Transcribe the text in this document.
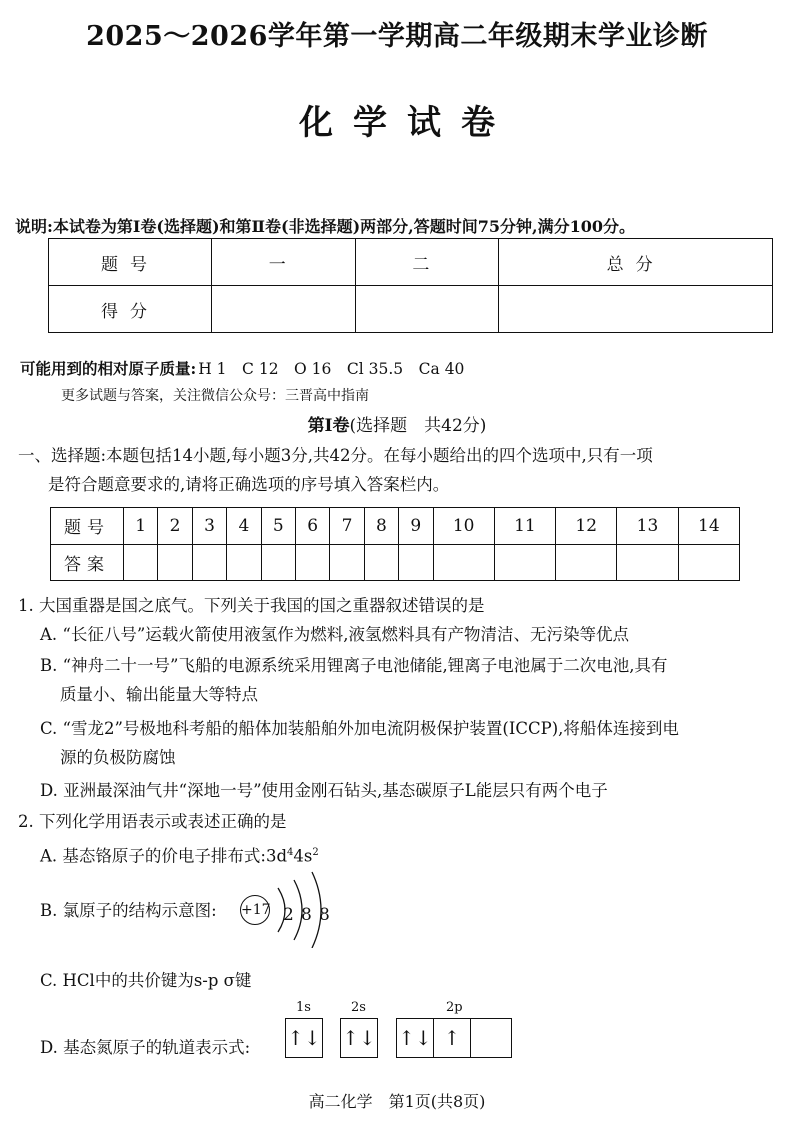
2025～2026学年第一学期高二年级期末学业诊断
化学试卷
说明:本试卷为第Ⅰ卷(选择题)和第Ⅱ卷(非选择题)两部分,答题时间75分钟,满分100分。
题号	一	二	总分
得分			
可能用到的相对原子质量: H 1　C 12　O 16　Cl 35.5　Ca 40
更多试题与答案，关注微信公众号：三晋高中指南
第Ⅰ卷(选择题　共42分)
一、选择题:本题包括14小题,每小题3分,共42分。在每小题给出的四个选项中,只有一项
是符合题意要求的,请将正确选项的序号填入答案栏内。
题号	1	2	3	4	5	6	7	8	9	10	11	12	13	14
答案														
1. 大国重器是国之底气。下列关于我国的国之重器叙述错误的是
A. “长征八号”运载火箭使用液氢作为燃料,液氢燃料具有产物清洁、无污染等优点
B. “神舟二十一号”飞船的电源系统采用锂离子电池储能,锂离子电池属于二次电池,具有
质量小、输出能量大等特点
C. “雪龙2”号极地科考船的船体加装船舶外加电流阴极保护装置(ICCP),将船体连接到电
源的负极防腐蚀
D. 亚洲最深油气井“深地一号”使用金刚石钻头,基态碳原子L能层只有两个电子
2. 下列化学用语表示或表述正确的是
A. 基态铬原子的价电子排布式$:3d^44s^2$
B. 氯原子的结构示意图:	+17 2 8 8
C. HCl中的共价键为s-p σ键
D. 基态氮原子的轨道表示式:
1s	2s	2p
↑↓ ↑↓ ↑↓ ↑
高二化学　第1页(共8页)
